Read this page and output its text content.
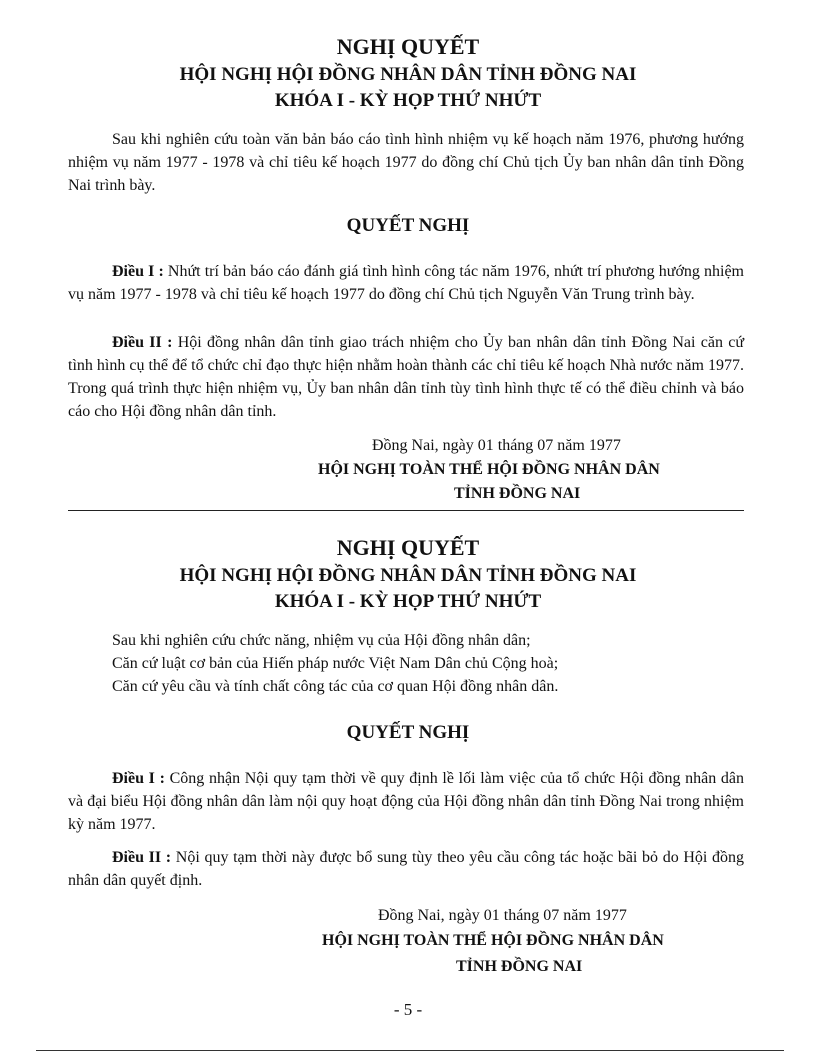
NGHỊ QUYẾT
HỘI NGHỊ HỘI ĐỒNG NHÂN DÂN TỈNH ĐỒNG NAI
KHÓA I - KỲ HỌP THỨ NHỨT
Sau khi nghiên cứu toàn văn bản báo cáo tình hình nhiệm vụ kế hoạch năm 1976, phương hướng nhiệm vụ năm 1977 - 1978 và chỉ tiêu kế hoạch 1977 do đồng chí Chủ tịch Ủy ban nhân dân tỉnh Đồng Nai trình bày.
QUYẾT NGHỊ
Điều I : Nhứt trí bản báo cáo đánh giá tình hình công tác năm 1976, nhứt trí phương hướng nhiệm vụ năm 1977 - 1978 và chỉ tiêu kế hoạch 1977 do đồng chí Chủ tịch Nguyễn Văn Trung trình bày.
Điều II : Hội đồng nhân dân tỉnh giao trách nhiệm cho Ủy ban nhân dân tỉnh Đồng Nai căn cứ tình hình cụ thể để tổ chức chỉ đạo thực hiện nhằm hoàn thành các chỉ tiêu kế hoạch Nhà nước năm 1977. Trong quá trình thực hiện nhiệm vụ, Ủy ban nhân dân tỉnh tùy tình hình thực tế có thể điều chỉnh và báo cáo cho Hội đồng nhân dân tỉnh.
Đồng Nai, ngày 01 tháng 07 năm 1977
HỘI NGHỊ TOÀN THỂ HỘI ĐỒNG NHÂN DÂN
TỈNH ĐỒNG NAI
NGHỊ QUYẾT
HỘI NGHỊ HỘI ĐỒNG NHÂN DÂN TỈNH ĐỒNG NAI
KHÓA I - KỲ HỌP THỨ NHỨT
Sau khi nghiên cứu chức năng, nhiệm vụ của Hội đồng nhân dân;
Căn cứ luật cơ bản của Hiến pháp nước Việt Nam Dân chủ Cộng hoà;
Căn cứ yêu cầu và tính chất công tác của cơ quan Hội đồng nhân dân.
QUYẾT NGHỊ
Điều I : Công nhận Nội quy tạm thời về quy định lề lối làm việc của tổ chức Hội đồng nhân dân và đại biểu Hội đồng nhân dân làm nội quy hoạt động của Hội đồng nhân dân tỉnh Đồng Nai trong nhiệm kỳ năm 1977.
Điều II : Nội quy tạm thời này được bổ sung tùy theo yêu cầu công tác hoặc bãi bỏ do Hội đồng nhân dân quyết định.
Đồng Nai, ngày 01 tháng 07 năm 1977
HỘI NGHỊ TOÀN THỂ HỘI ĐỒNG NHÂN DÂN
TỈNH ĐỒNG NAI
- 5 -
